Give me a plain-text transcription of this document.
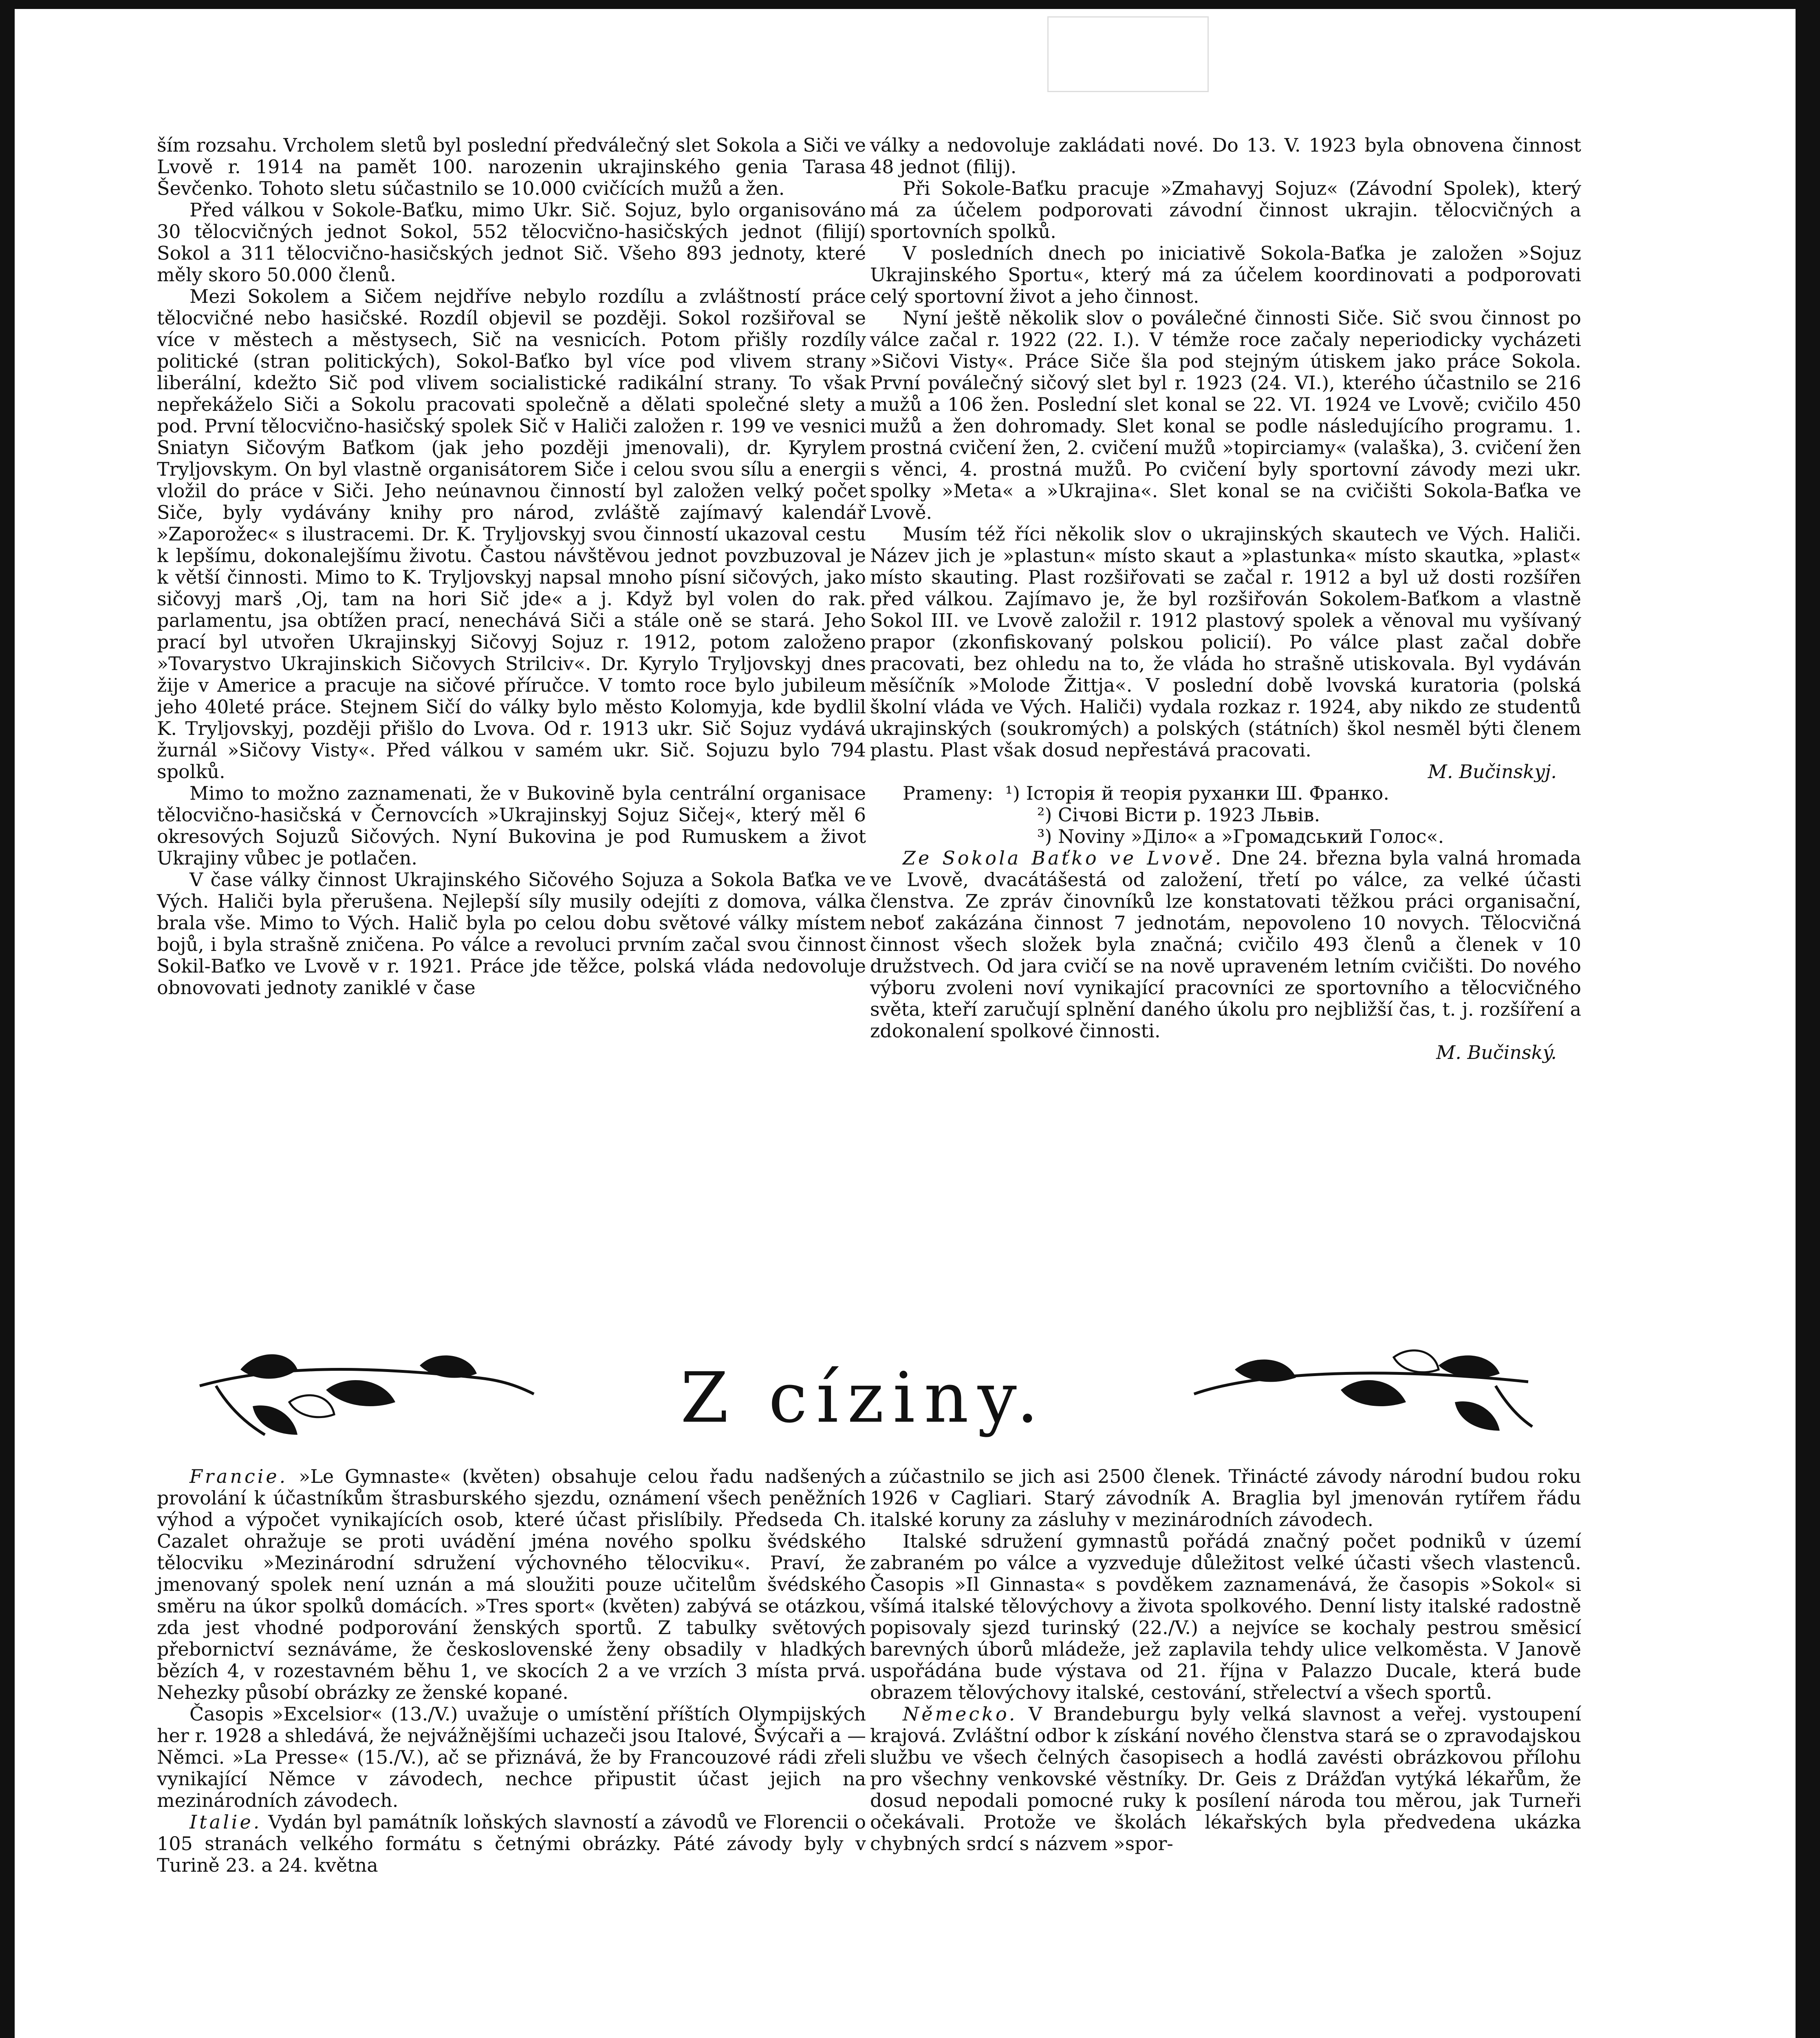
ším rozsahu. Vrcholem sletů byl poslední předválečný slet Sokola a Siči ve Lvově r. 1914 na pamět 100. narozenin ukrajinského genia Tarasa Ševčenko. Tohoto sletu súčastnilo se 10.000 cvičících mužů a žen.

Před válkou v Sokole-Baťku, mimo Ukr. Sič. Sojuz, bylo organisováno 30 tělocvičných jednot Sokol, 552 tělocvično-hasičských jednot (filijí) Sokol a 311 tělocvično-hasičských jednot Sič. Všeho 893 jednoty, které měly skoro 50.000 členů.

Mezi Sokolem a Sičem nejdříve nebylo rozdílu a zvláštností práce tělocvičné nebo hasičské. Rozdíl objevil se později. Sokol rozšiřoval se více v městech a městysech, Sič na vesnicích. Potom přišly rozdíly politické (stran politických), Sokol-Baťko byl více pod vlivem strany liberální, kdežto Sič pod vlivem socialistické radikální strany. To však nepřekáželo Siči a Sokolu pracovati společně a dělati společné slety a pod. První tělocvično-hasičský spolek Sič v Haliči založen r. 199 ve vesnici Sniatyn Sičovým Baťkom (jak jeho později jmenovali), dr. Kyrylem Tryljovskym. On byl vlastně organisátorem Siče i celou svou sílu a energii vložil do práce v Siči. Jeho neúnavnou činností byl založen velký počet Siče, byly vydávány knihy pro národ, zvláště zajímavý kalendář »Zaporožec« s ilustracemi. Dr. K. Tryljovskyj svou činností ukazoval cestu k lepšímu, dokonalejšímu životu. Častou návštěvou jednot povzbuzoval je k větší činnosti. Mimo to K. Tryljovskyj napsal mnoho písní sičových, jako sičovyj marš ‚Oj, tam na hori Sič jde« a j. Když byl volen do rak. parlamentu, jsa obtížen prací, nenechává Siči a stále oně se stará. Jeho prací byl utvořen Ukrajinskyj Sičovyj Sojuz r. 1912, potom založeno »Tovarystvo Ukrajinskich Sičovych Strilciv«. Dr. Kyrylo Tryljovskyj dnes žije v Americe a pracuje na sičové příručce. V tomto roce bylo jubileum jeho 40leté práce. Stejnem Sičí do války bylo město Kolomyja, kde bydlil K. Tryljovskyj, později přišlo do Lvova. Od r. 1913 ukr. Sič Sojuz vydává žurnál »Sičovy Visty«. Před válkou v samém ukr. Sič. Sojuzu bylo 794 spolků.

Mimo to možno zaznamenati, že v Bukovině byla centrální organisace tělocvično-hasičská v Černovcích »Ukrajinskyj Sojuz Sičej«, který měl 6 okresových Sojuzů Sičových. Nyní Bukovina je pod Rumuskem a život Ukrajiny vůbec je potlačen.

V čase války činnost Ukrajinského Sičového Sojuza a Sokola Baťka ve Vých. Haliči byla přerušena. Nejlepší síly musily odejíti z domova, válka brala vše. Mimo to Vých. Halič byla po celou dobu světové války místem bojů, i byla strašně zničena. Po válce a revoluci prvním začal svou činnost Sokil-Baťko ve Lvově v r. 1921. Práce jde těžce, polská vláda nedovoluje obnovovati jednoty zaniklé v čase

války a nedovoluje zakládati nové. Do 13. V. 1923 byla obnovena činnost 48 jednot (filij).

Při Sokole-Baťku pracuje »Zmahavyj Sojuz« (Závodní Spolek), který má za účelem podporovati závodní činnost ukrajin. tělocvičných a sportovních spolků.

V posledních dnech po iniciativě Sokola-Baťka je založen »Sojuz Ukrajinského Sportu«, který má za účelem koordinovati a podporovati celý sportovní život a jeho činnost.

Nyní ještě několik slov o poválečné činnosti Siče. Sič svou činnost po válce začal r. 1922 (22. I.). V témže roce začaly neperiodicky vycházeti »Sičovi Visty«. Práce Siče šla pod stejným útiskem jako práce Sokola. První poválečný sičový slet byl r. 1923 (24. VI.), kterého účastnilo se 216 mužů a 106 žen. Poslední slet konal se 22. VI. 1924 ve Lvově; cvičilo 450 mužů a žen dohromady. Slet konal se podle následujícího programu. 1. prostná cvičení žen, 2. cvičení mužů »topirciamy« (valaška), 3. cvičení žen s věnci, 4. prostná mužů. Po cvičení byly sportovní závody mezi ukr. spolky »Meta« a »Ukrajina«. Slet konal se na cvičišti Sokola-Baťka ve Lvově.

Musím též říci několik slov o ukrajinských skautech ve Vých. Haliči. Název jich je »plastun« místo skaut a »plastunka« místo skautka, »plast« místo skauting. Plast rozšiřovati se začal r. 1912 a byl už dosti rozšířen před válkou. Zajímavo je, že byl rozšiřován Sokolem-Baťkom a vlastně Sokol III. ve Lvově založil r. 1912 plastový spolek a věnoval mu vyšívaný prapor (zkonfiskovaný polskou policií). Po válce plast začal dobře pracovati, bez ohledu na to, že vláda ho strašně utiskovala. Byl vydáván měsíčník »Molode Žittja«. V poslední době lvovská kuratoria (polská školní vláda ve Vých. Haliči) vydala rozkaz r. 1924, aby nikdo ze studentů ukrajinských (soukromých) a polských (státních) škol nesměl býti členem plastu. Plast však dosud nepřestává pracovati.

M. Bučinskyj.

Prameny: ¹) Історія й теорія руханки Ш. Франко.
²) Січові Вісти р. 1923 Львів.
³) Noviny »Діло« a »Громадський Голос«.

Ze Sokola Baťko ve Lvově. Dne 24. března byla valná hromada ve Lvově, dvacátášestá od založení, třetí po válce, za velké účasti členstva. Ze zpráv činovníků lze konstatovati těžkou práci organisační, neboť zakázána činnost 7 jednotám, nepovoleno 10 novych. Tělocvičná činnost všech složek byla značná; cvičilo 493 členů a členek v 10 družstvech. Od jara cvičí se na nově upraveném letním cvičišti. Do nového výboru zvoleni noví vynikající pracovníci ze sportovního a tělocvičného světa, kteří zaručují splnění daného úkolu pro nejbližší čas, t. j. rozšíření a zdokonalení spolkové činnosti.

M. Bučinský.

Z cíziny.

Francie. »Le Gymnaste« (květen) obsahuje celou řadu nadšených provolání k účastníkům štrasburského sjezdu, oznámení všech peněžních výhod a výpočet vynikajících osob, které účast přislíbily. Předseda Ch. Cazalet ohražuje se proti uvádění jména nového spolku švédského tělocviku »Mezinárodní sdružení výchovného tělocviku«. Praví, že jmenovaný spolek není uznán a má sloužiti pouze učitelům švédského směru na úkor spolků domácích. »Tres sport« (květen) zabývá se otázkou, zda jest vhodné podporování ženských sportů. Z tabulky světových přebornictví seznáváme, že československé ženy obsadily v hladkých bězích 4, v rozestavném běhu 1, ve skocích 2 a ve vrzích 3 místa prvá. Nehezky působí obrázky ze ženské kopané.

Časopis »Excelsior« (13./V.) uvažuje o umístění příštích Olympijských her r. 1928 a shledává, že nejvážnějšími uchazeči jsou Italové, Švýcaři a — Němci. »La Presse« (15./V.), ač se přiznává, že by Francouzové rádi zřeli vynikající Němce v závodech, nechce připustit účast jejich na mezinárodních závodech.

Italie. Vydán byl památník loňských slavností a závodů ve Florencii o 105 stranách velkého formátu s četnými obrázky. Páté závody byly v Turině 23. a 24. května

a zúčastnilo se jich asi 2500 členek. Třinácté závody národní budou roku 1926 v Cagliari. Starý závodník A. Braglia byl jmenován rytířem řádu italské koruny za zásluhy v mezinárodních závodech.

Italské sdružení gymnastů pořádá značný počet podniků v území zabraném po válce a vyzveduje důležitost velké účasti všech vlastenců. Časopis »Il Ginnasta« s povděkem zaznamenává, že časopis »Sokol« si všímá italské tělovýchovy a života spolkového. Denní listy italské radostně popisovaly sjezd turinský (22./V.) a nejvíce se kochaly pestrou směsicí barevných úborů mládeže, jež zaplavila tehdy ulice velkoměsta. V Janově uspořádána bude výstava od 21. října v Palazzo Ducale, která bude obrazem tělovýchovy italské, cestování, střelectví a všech sportů.

Německo. V Brandeburgu byly velká slavnost a veřej. vystoupení krajová. Zvláštní odbor k získání nového členstva stará se o zpravodajskou službu ve všech čelných časopisech a hodlá zavésti obrázkovou přílohu pro všechny venkovské věstníky. Dr. Geis z Drážďan vytýká lékařům, že dosud nepodali pomocné ruky k posílení národa tou měrou, jak Turneři očekávali. Protože ve školách lékařských byla předvedena ukázka chybných srdcí s názvem »spor-
